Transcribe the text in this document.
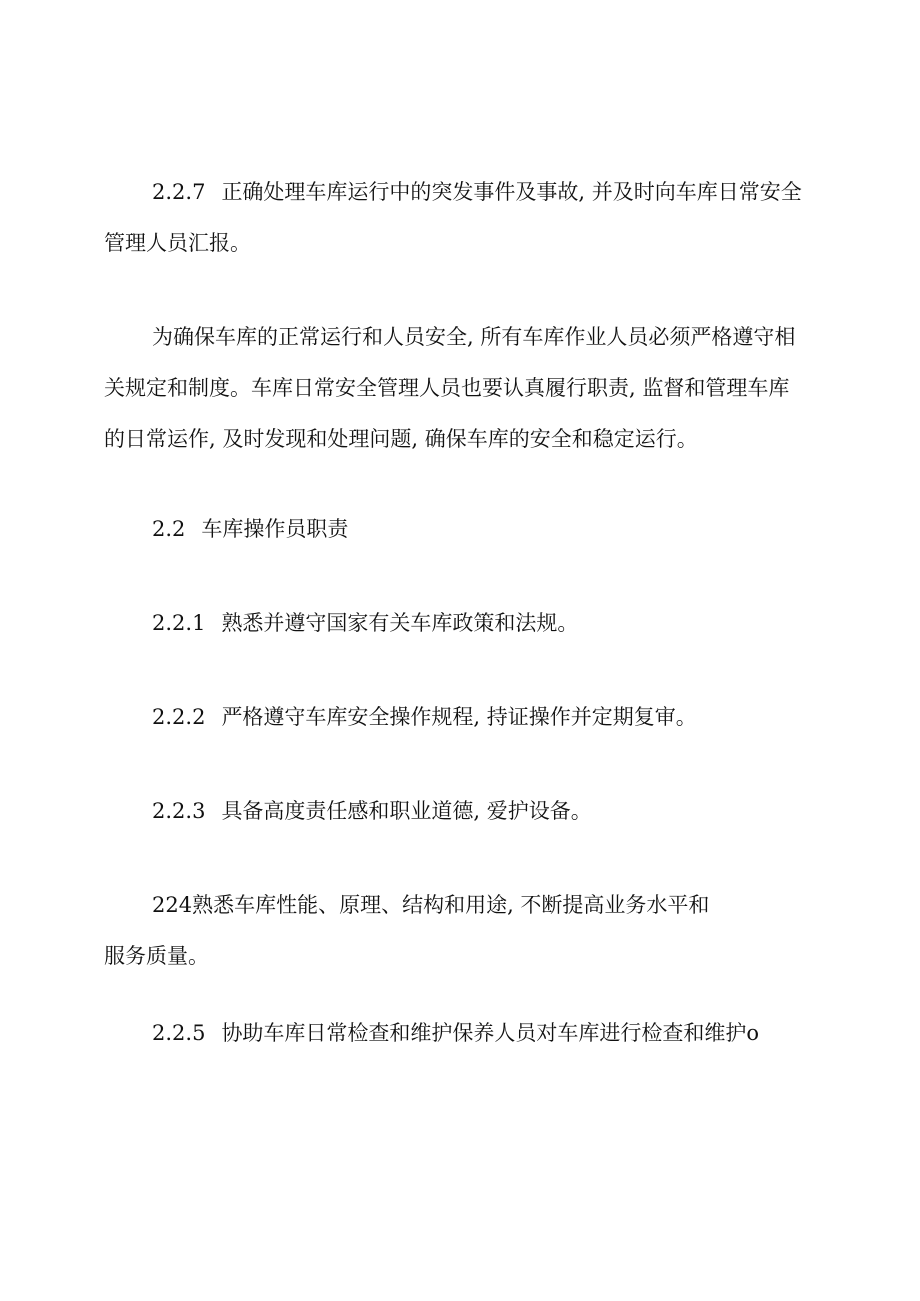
2.2.7 正确处理车库运行中的突发事件及事故, 并及时向车库日常安全
管理人员汇报。

为确保车库的正常运行和人员安全, 所有车库作业人员必须严格遵守相
关规定和制度。车库日常安全管理人员也要认真履行职责, 监督和管理车库
的日常运作, 及时发现和处理问题, 确保车库的安全和稳定运行。

2.2 车库操作员职责

2.2.1 熟悉并遵守国家有关车库政策和法规。

2.2.2 严格遵守车库安全操作规程, 持证操作并定期复审。

2.2.3 具备高度责任感和职业道德, 爱护设备。

224熟悉车库性能、原理、结构和用途, 不断提高业务水平和
服务质量。

2.2.5 协助车库日常检查和维护保养人员对车库进行检查和维护o
